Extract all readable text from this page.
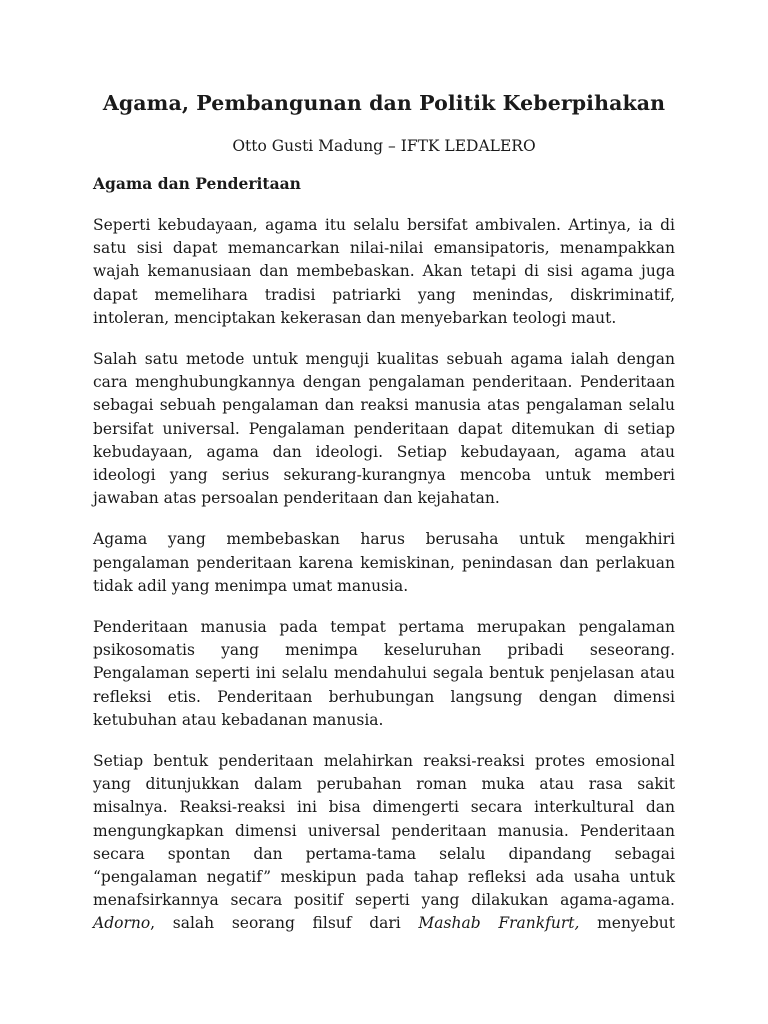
Agama, Pembangunan dan Politik Keberpihakan

Otto Gusti Madung – IFTK LEDALERO

Agama dan Penderitaan

Seperti kebudayaan, agama itu selalu bersifat ambivalen. Artinya, ia di
satu sisi dapat memancarkan nilai-nilai emansipatoris, menampakkan
wajah kemanusiaan dan membebaskan. Akan tetapi di sisi agama juga
dapat memelihara tradisi patriarki yang menindas, diskriminatif,
intoleran, menciptakan kekerasan dan menyebarkan teologi maut.

Salah satu metode untuk menguji kualitas sebuah agama ialah dengan
cara menghubungkannya dengan pengalaman penderitaan. Penderitaan
sebagai sebuah pengalaman dan reaksi manusia atas pengalaman selalu
bersifat universal. Pengalaman penderitaan dapat ditemukan di setiap
kebudayaan, agama dan ideologi. Setiap kebudayaan, agama atau
ideologi yang serius sekurang-kurangnya mencoba untuk memberi
jawaban atas persoalan penderitaan dan kejahatan.

Agama yang membebaskan harus berusaha untuk mengakhiri
pengalaman penderitaan karena kemiskinan, penindasan dan perlakuan
tidak adil yang menimpa umat manusia.

Penderitaan manusia pada tempat pertama merupakan pengalaman
psikosomatis yang menimpa keseluruhan pribadi seseorang.
Pengalaman seperti ini selalu mendahului segala bentuk penjelasan atau
refleksi etis. Penderitaan berhubungan langsung dengan dimensi
ketubuhan atau kebadanan manusia.

Setiap bentuk penderitaan melahirkan reaksi-reaksi protes emosional
yang ditunjukkan dalam perubahan roman muka atau rasa sakit
misalnya. Reaksi-reaksi ini bisa dimengerti secara interkultural dan
mengungkapkan dimensi universal penderitaan manusia. Penderitaan
secara spontan dan pertama-tama selalu dipandang sebagai
“pengalaman negatif” meskipun pada tahap refleksi ada usaha untuk
menafsirkannya secara positif seperti yang dilakukan agama-agama.
Adorno, salah seorang filsuf dari Mashab Frankfurt, menyebut
